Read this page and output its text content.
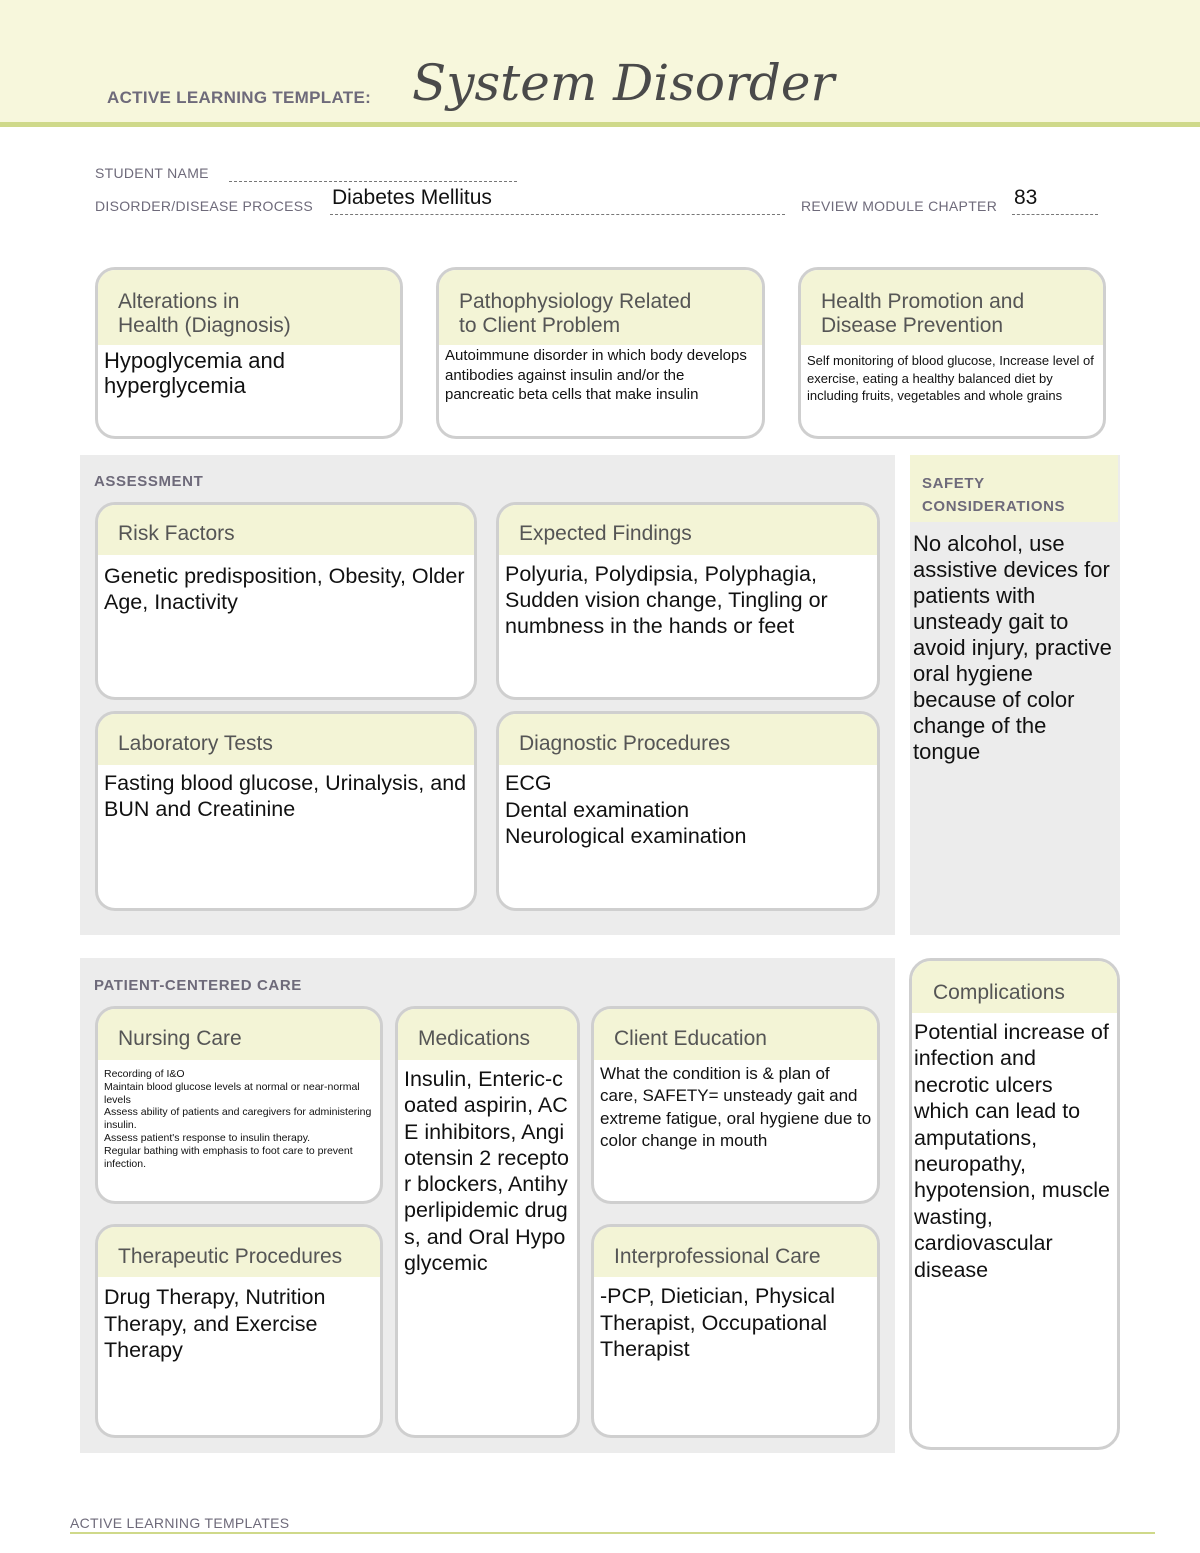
ACTIVE LEARNING TEMPLATE: System Disorder
STUDENT NAME
DISORDER/DISEASE PROCESS Diabetes Mellitus	REVIEW MODULE CHAPTER 83
Alterations in
Health (Diagnosis)
Hypoglycemia and hyperglycemia
Pathophysiology Related
to Client Problem
Autoimmune disorder in which body develops antibodies against insulin and/or the pancreatic beta cells that make insulin
Health Promotion and
Disease Prevention
Self monitoring of blood glucose, Increase level of exercise, eating a healthy balanced diet by including fruits, vegetables and whole grains
ASSESSMENT
Risk Factors
Genetic predisposition, Obesity, Older Age, Inactivity
Expected Findings
Polyuria, Polydipsia, Polyphagia, Sudden vision change, Tingling or numbness in the hands or feet
Laboratory Tests
Fasting blood glucose, Urinalysis, and BUN and Creatinine
Diagnostic Procedures
ECG
Dental examination
Neurological examination
SAFETY
CONSIDERATIONS
No alcohol, use assistive devices for patients with unsteady gait to avoid injury, practive oral hygiene because of color change of the tongue
PATIENT-CENTERED CARE
Nursing Care
Recording of I&O
Maintain blood glucose levels at normal or near-normal levels
Assess ability of patients and caregivers for administering insulin.
Assess patient's response to insulin therapy.
Regular bathing with emphasis to foot care to prevent infection.
Medications
Insulin, Enteric-coated aspirin, ACE inhibitors, Angiotensin 2 receptor blockers, Antihyperlipidemic drugs, and Oral Hypoglycemic
Client Education
What the condition is & plan of care, SAFETY= unsteady gait and extreme fatigue, oral hygiene due to color change in mouth
Therapeutic Procedures
Drug Therapy, Nutrition Therapy, and Exercise Therapy
Interprofessional Care
-PCP, Dietician, Physical Therapist, Occupational Therapist
Complications
Potential increase of infection and necrotic ulcers which can lead to amputations, neuropathy, hypotension, muscle wasting, cardiovascular disease
ACTIVE LEARNING TEMPLATES
